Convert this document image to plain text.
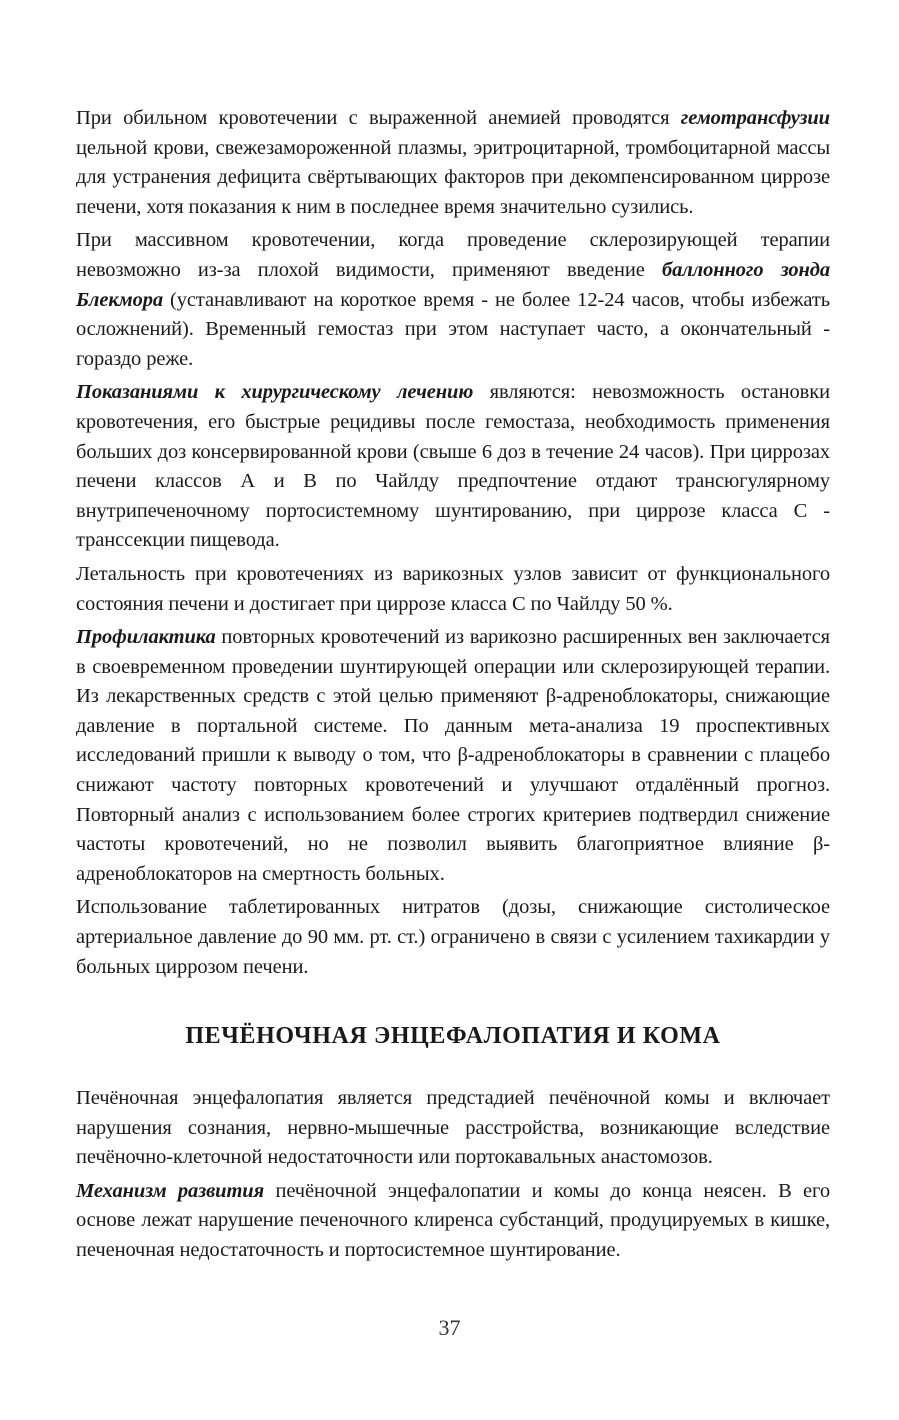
При обильном кровотечении с выраженной анемией проводятся гемотрансфузии цельной крови, свежезамороженной плазмы, эритроцитарной, тромбоцитарной массы для устранения дефицита свёртывающих факторов при декомпенсированном циррозе печени, хотя показания к ним в последнее время значительно сузились.

При массивном кровотечении, когда проведение склерозирующей терапии невозможно из-за плохой видимости, применяют введение баллонного зонда Блекмора (устанавливают на короткое время - не более 12-24 часов, чтобы избежать осложнений). Временный гемостаз при этом наступает часто, а окончательный - гораздо реже.

Показаниями к хирургическому лечению являются: невозможность остановки кровотечения, его быстрые рецидивы после гемостаза, необходимость применения больших доз консервированной крови (свыше 6 доз в течение 24 часов). При циррозах печени классов А и В по Чайлду предпочтение отдают трансюгулярному внутрипеченочному портосистемному шунтированию, при циррозе класса С - транссекции пищевода.

Летальность при кровотечениях из варикозных узлов зависит от функционального состояния печени и достигает при циррозе класса С по Чайлду 50 %.

Профилактика повторных кровотечений из варикозно расширенных вен заключается в своевременном проведении шунтирующей операции или склерозирующей терапии. Из лекарственных средств с этой целью применяют β-адреноблокаторы, снижающие давление в портальной системе. По данным мета-анализа 19 проспективных исследований пришли к выводу о том, что β-адреноблокаторы в сравнении с плацебо снижают частоту повторных кровотечений и улучшают отдалённый прогноз. Повторный анализ с использованием более строгих критериев подтвердил снижение частоты кровотечений, но не позволил выявить благоприятное влияние β-адреноблокаторов на смертность больных.

Использование таблетированных нитратов (дозы, снижающие систолическое артериальное давление до 90 мм. рт. ст.) ограничено в связи с усилением тахикардии у больных циррозом печени.

ПЕЧЁНОЧНАЯ ЭНЦЕФАЛОПАТИЯ И КОМА

Печёночная энцефалопатия является предстадией печёночной комы и включает нарушения сознания, нервно-мышечные расстройства, возникающие вследствие печёночно-клеточной недостаточности или портокавальных анастомозов.

Механизм развития печёночной энцефалопатии и комы до конца неясен. В его основе лежат нарушение печеночного клиренса субстанций, продуцируемых в кишке, печеночная недостаточность и портосистемное шунтирование.

37
